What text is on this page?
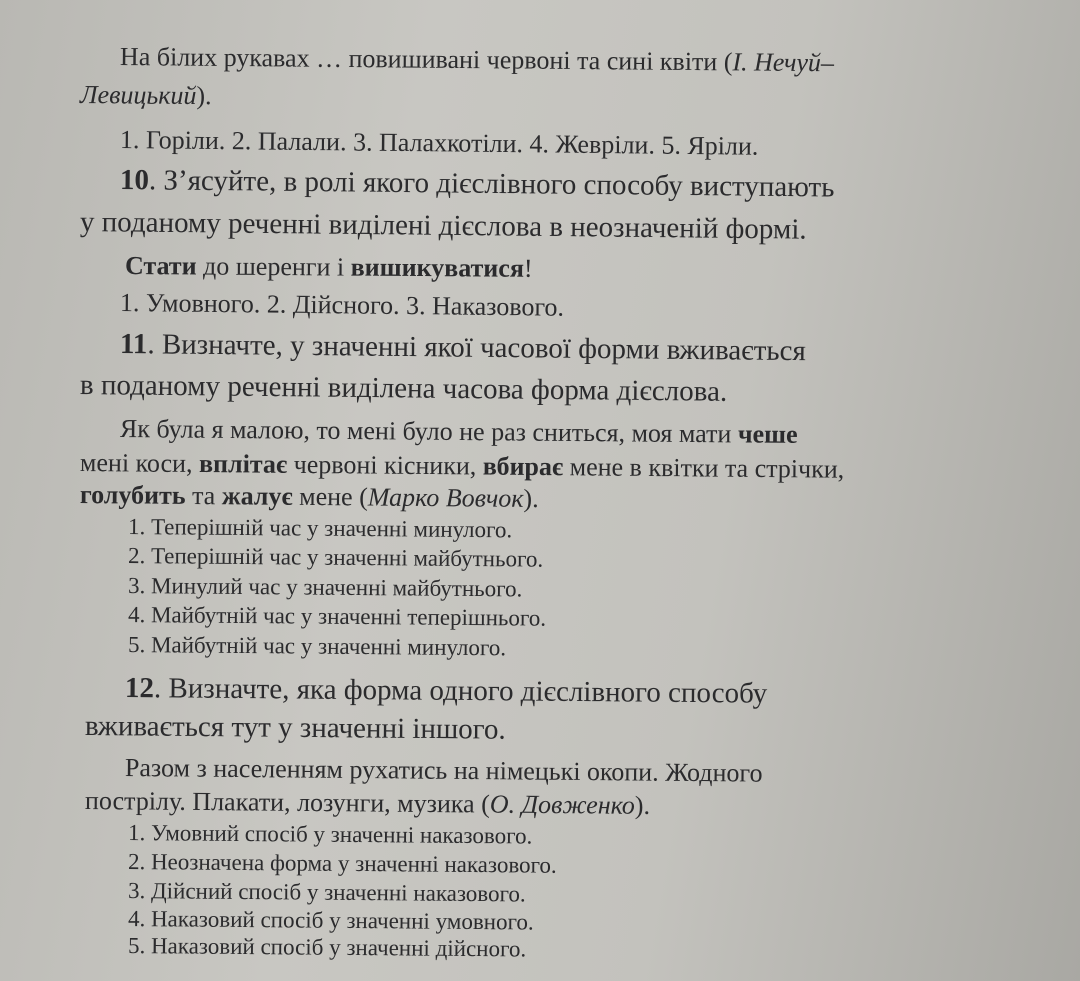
На білих рукавах … повишивані червоні та сині квіти (І. Нечуй–
Левицький).
1. Горіли. 2. Палали. 3. Палахкотіли. 4. Жевріли. 5. Яріли.
10. З’ясуйте, в ролі якого дієслівного способу виступають
у поданому реченні виділені дієслова в неозначеній формі.
Стати до шеренги і вишикуватися!
1. Умовного. 2. Дійсного. 3. Наказового.
11. Визначте, у значенні якої часової форми вживається
в поданому реченні виділена часова форма дієслова.
Як була я малою, то мені було не раз сниться, моя мати чеше
мені коси, вплітає червоні кісники, вбирає мене в квітки та стрічки,
голубить та жалує мене (Марко Вовчок).
1. Теперішній час у значенні минулого.
2. Теперішній час у значенні майбутнього.
3. Минулий час у значенні майбутнього.
4. Майбутній час у значенні теперішнього.
5. Майбутній час у значенні минулого.
12. Визначте, яка форма одного дієслівного способу
вживається тут у значенні іншого.
Разом з населенням рухатись на німецькі окопи. Жодного
пострілу. Плакати, лозунги, музика (О. Довженко).
1. Умовний спосіб у значенні наказового.
2. Неозначена форма у значенні наказового.
3. Дійсний спосіб у значенні наказового.
4. Наказовий спосіб у значенні умовного.
5. Наказовий спосіб у значенні дійсного.
